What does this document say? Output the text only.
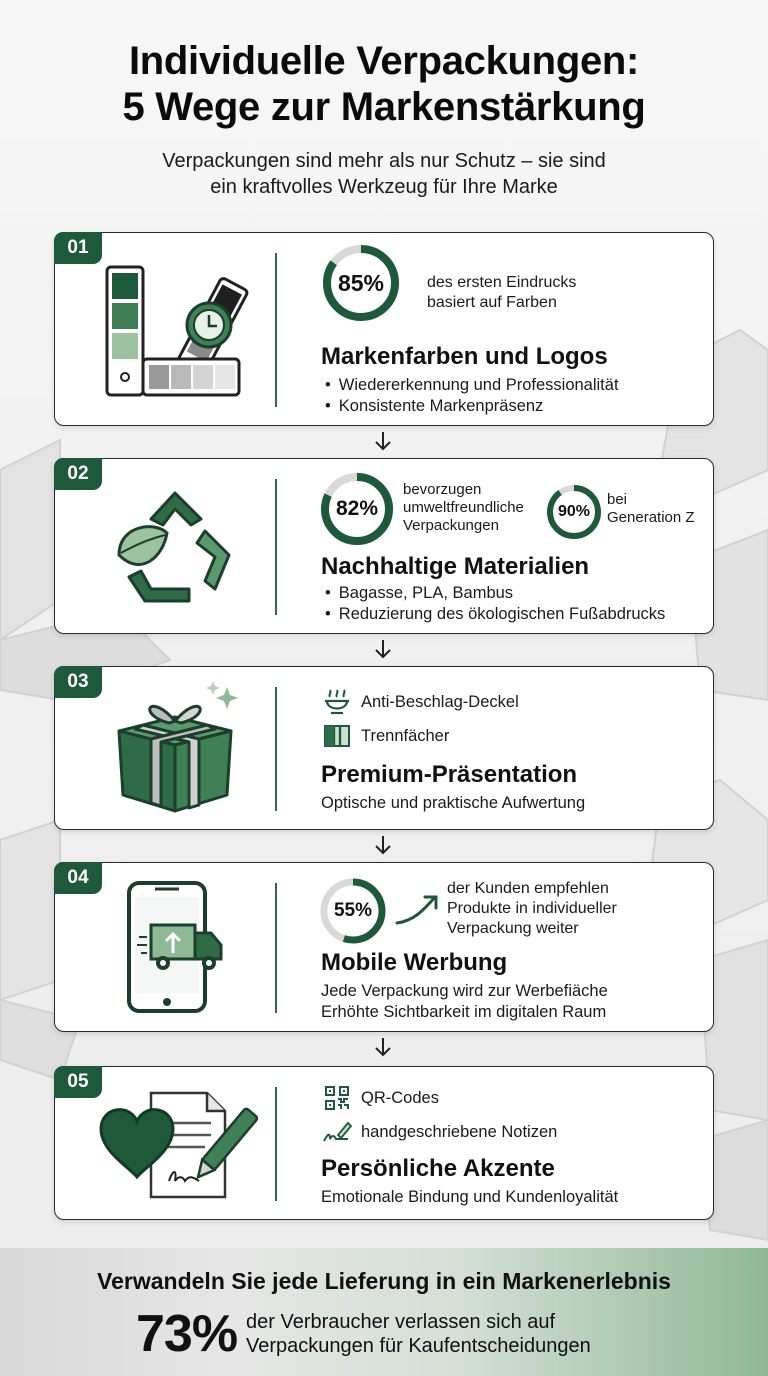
Individuelle Verpackungen:
5 Wege zur Markenstärkung
Verpackungen sind mehr als nur Schutz – sie sind
ein kraftvolles Werkzeug für Ihre Marke
01
85%	des ersten Eindrucks
basiert auf Farben
Markenfarben und Logos
• Wiedererkennung und Professionalität
• Konsistente Markenpräsenz
02
82%
bevorzugen
umweltfreundliche
Verpackungen
90%
bei
Generation Z
Nachhaltige Materialien
• Bagasse, PLA, Bambus
• Reduzierung des ökologischen Fußabdrucks
03
Anti-Beschlag-Deckel
Trennfächer
Premium-Präsentation
Optische und praktische Aufwertung
04
55%
der Kunden empfehlen
Produkte in individueller
Verpackung weiter
Mobile Werbung
Jede Verpackung wird zur Werbefiäche
Erhöhte Sichtbarkeit im digitalen Raum
05
QR-Codes
handgeschriebene Notizen
Persönliche Akzente
Emotionale Bindung und Kundenloyalität
Verwandeln Sie jede Lieferung in ein Markenerlebnis
73% der Verbraucher verlassen sich auf
Verpackungen für Kaufentscheidungen
